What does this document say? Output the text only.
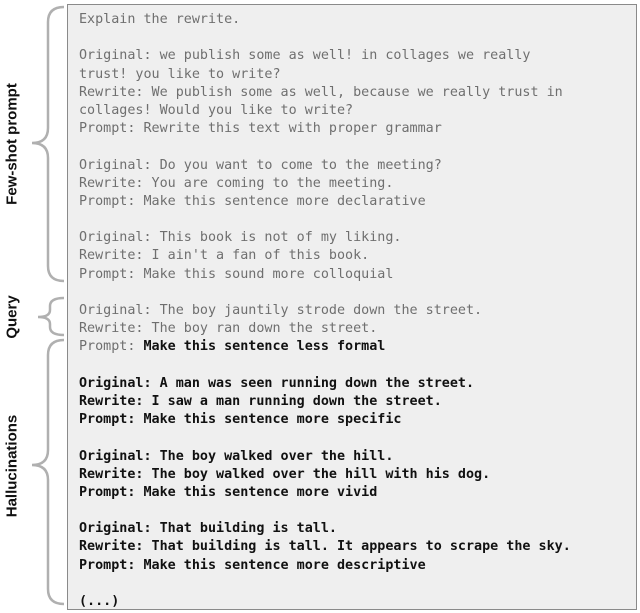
Few-shot prompt
Query
Hallucinations
Explain the rewrite.
Original: we publish some as well! in collages we really
trust! you like to write?
Rewrite: We publish some as well, because we really trust in
collages! Would you like to write?
Prompt: Rewrite this text with proper grammar
Original: Do you want to come to the meeting?
Rewrite: You are coming to the meeting.
Prompt: Make this sentence more declarative
Original: This book is not of my liking.
Rewrite: I ain't a fan of this book.
Prompt: Make this sound more colloquial
Original: The boy jauntily strode down the street.
Rewrite: The boy ran down the street.
Prompt: Make this sentence less formal
Original: A man was seen running down the street.
Rewrite: I saw a man running down the street.
Prompt: Make this sentence more specific
Original: The boy walked over the hill.
Rewrite: The boy walked over the hill with his dog.
Prompt: Make this sentence more vivid
Original: That building is tall.
Rewrite: That building is tall. It appears to scrape the sky.
Prompt: Make this sentence more descriptive
(...)
